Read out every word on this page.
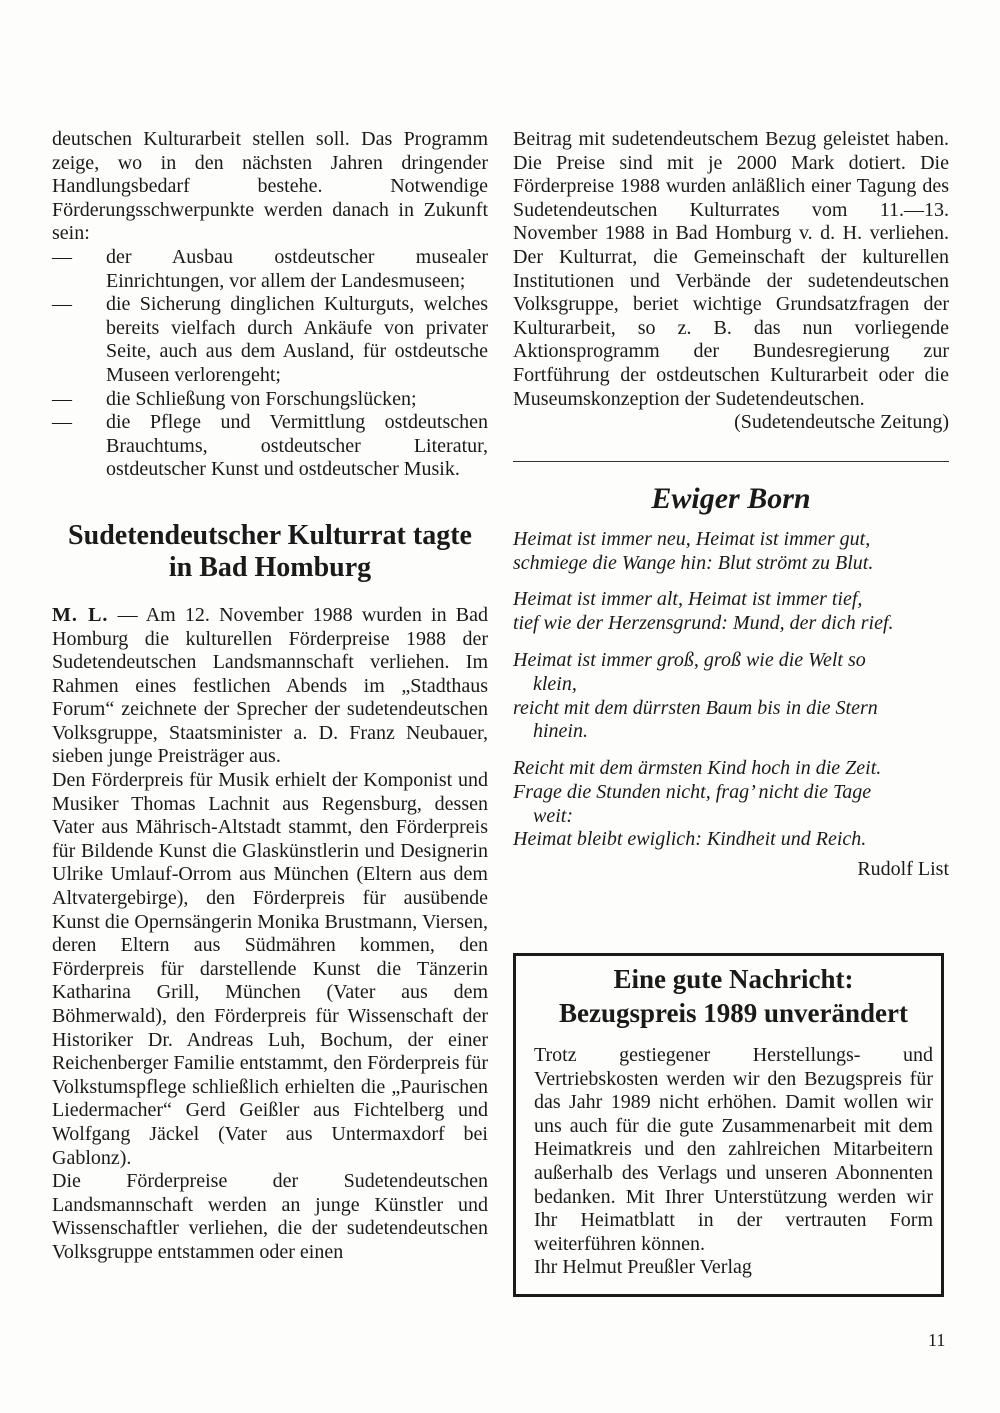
deutschen Kulturarbeit stellen soll. Das Programm zeige, wo in den nächsten Jahren dringender Handlungsbedarf bestehe. Notwendige Förderungsschwerpunkte werden danach in Zukunft sein:

— der Ausbau ostdeutscher musealer Einrichtungen, vor allem der Landesmuseen;
— die Sicherung dinglichen Kulturguts, welches bereits vielfach durch Ankäufe von privater Seite, auch aus dem Ausland, für ostdeutsche Museen verlorengeht;
— die Schließung von Forschungslücken;
— die Pflege und Vermittlung ostdeutschen Brauchtums, ostdeutscher Literatur, ostdeutscher Kunst und ostdeutscher Musik.
Sudetendeutscher Kulturrat tagte
in Bad Homburg

M. L. — Am 12. November 1988 wurden in Bad Homburg die kulturellen Förderpreise 1988 der Sudetendeutschen Landsmannschaft verliehen. Im Rahmen eines festlichen Abends im „Stadthaus Forum“ zeichnete der Sprecher der sudetendeutschen Volksgruppe, Staatsminister a. D. Franz Neubauer, sieben junge Preisträger aus.

Den Förderpreis für Musik erhielt der Komponist und Musiker Thomas Lachnit aus Regensburg, dessen Vater aus Mährisch-Altstadt stammt, den Förderpreis für Bildende Kunst die Glaskünstlerin und Designerin Ulrike Umlauf-Orrom aus München (Eltern aus dem Altvatergebirge), den Förderpreis für ausübende Kunst die Opernsängerin Monika Brustmann, Viersen, deren Eltern aus Südmähren kommen, den Förderpreis für darstellende Kunst die Tänzerin Katharina Grill, München (Vater aus dem Böhmerwald), den Förderpreis für Wissenschaft der Historiker Dr. Andreas Luh, Bochum, der einer Reichenberger Familie entstammt, den Förderpreis für Volkstumspflege schließlich erhielten die „Paurischen Liedermacher“ Gerd Geißler aus Fichtelberg und Wolfgang Jäckel (Vater aus Untermaxdorf bei Gablonz).

Die Förderpreise der Sudetendeutschen Landsmannschaft werden an junge Künstler und Wissenschaftler verliehen, die der sudetendeutschen Volksgruppe entstammen oder einen

Beitrag mit sudetendeutschem Bezug geleistet haben. Die Preise sind mit je 2000 Mark dotiert. Die Förderpreise 1988 wurden anläßlich einer Tagung des Sudetendeutschen Kulturrates vom 11.—13. November 1988 in Bad Homburg v. d. H. verliehen. Der Kulturrat, die Gemeinschaft der kulturellen Institutionen und Verbände der sudetendeutschen Volksgruppe, beriet wichtige Grundsatzfragen der Kulturarbeit, so z. B. das nun vorliegende Aktionsprogramm der Bundesregierung zur Fortführung der ostdeutschen Kulturarbeit oder die Museumskonzeption der Sudetendeutschen.

(Sudetendeutsche Zeitung)

Ewiger Born
Heimat ist immer neu, Heimat ist immer gut,
schmiege die Wange hin: Blut strömt zu Blut.
Heimat ist immer alt, Heimat ist immer tief,
tief wie der Herzensgrund: Mund, der dich rief.
Heimat ist immer groß, groß wie die Welt so
klein,
reicht mit dem dürrsten Baum bis in die Stern
hinein.
Reicht mit dem ärmsten Kind hoch in die Zeit.
Frage die Stunden nicht, frag’ nicht die Tage
weit:
Heimat bleibt ewiglich: Kindheit und Reich.

Rudolf List

Eine gute Nachricht:
Bezugspreis 1989 unverändert

Trotz gestiegener Herstellungs- und Vertriebskosten werden wir den Bezugspreis für das Jahr 1989 nicht erhöhen. Damit wollen wir uns auch für die gute Zusammenarbeit mit dem Heimatkreis und den zahlreichen Mitarbeitern außerhalb des Verlags und unseren Abonnenten bedanken. Mit Ihrer Unterstützung werden wir Ihr Heimatblatt in der vertrauten Form weiterführen können.

Ihr Helmut Preußler Verlag

11
